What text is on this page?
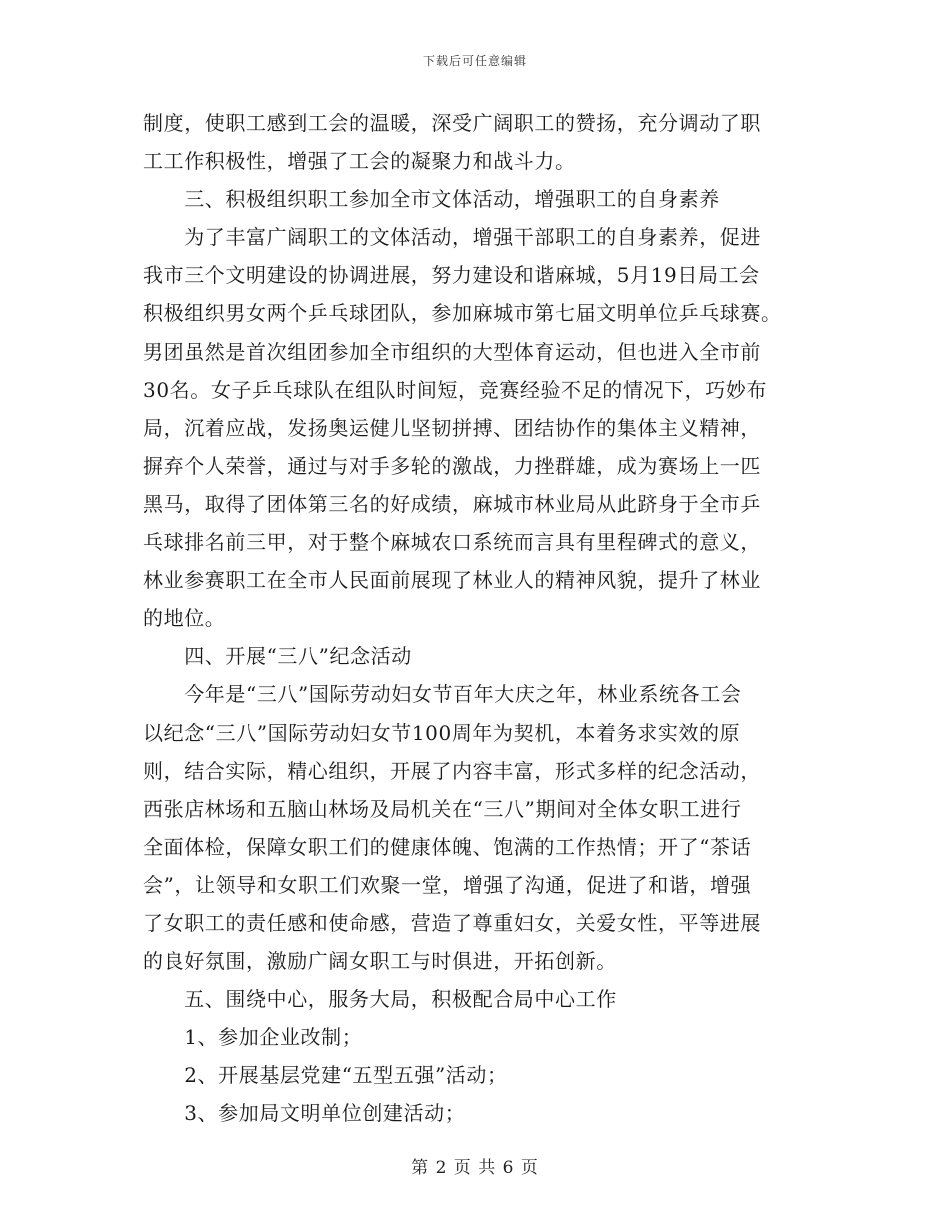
下载后可任意编辑
制度，使职工感到工会的温暖，深受广阔职工的赞扬，充分调动了职
工工作积极性，增强了工会的凝聚力和战斗力。
　　三、积极组织职工参加全市文体活动，增强职工的自身素养
　　为了丰富广阔职工的文体活动，增强干部职工的自身素养，促进
我市三个文明建设的协调进展，努力建设和谐麻城，5月19日局工会
积极组织男女两个乒乓球团队，参加麻城市第七届文明单位乒乓球赛。
男团虽然是首次组团参加全市组织的大型体育运动，但也进入全市前
30名。女子乒乓球队在组队时间短，竞赛经验不足的情况下，巧妙布
局，沉着应战，发扬奥运健儿坚韧拼搏、团结协作的集体主义精神，
摒弃个人荣誉，通过与对手多轮的激战，力挫群雄，成为赛场上一匹
黑马，取得了团体第三名的好成绩，麻城市林业局从此跻身于全市乒
乓球排名前三甲，对于整个麻城农口系统而言具有里程碑式的意义，
林业参赛职工在全市人民面前展现了林业人的精神风貌，提升了林业
的地位。
　　四、开展“三八”纪念活动
　　今年是“三八”国际劳动妇女节百年大庆之年，林业系统各工会
以纪念“三八”国际劳动妇女节100周年为契机，本着务求实效的原
则，结合实际，精心组织，开展了内容丰富，形式多样的纪念活动，
西张店林场和五脑山林场及局机关在“三八”期间对全体女职工进行
全面体检，保障女职工们的健康体魄、饱满的工作热情；开了“茶话
会”，让领导和女职工们欢聚一堂，增强了沟通，促进了和谐，增强
了女职工的责任感和使命感，营造了尊重妇女，关爱女性，平等进展
的良好氛围，激励广阔女职工与时俱进，开拓创新。
　　五、围绕中心，服务大局，积极配合局中心工作
　　1、参加企业改制；
　　2、开展基层党建“五型五强”活动；
　　3、参加局文明单位创建活动；
第 2 页 共 6 页
